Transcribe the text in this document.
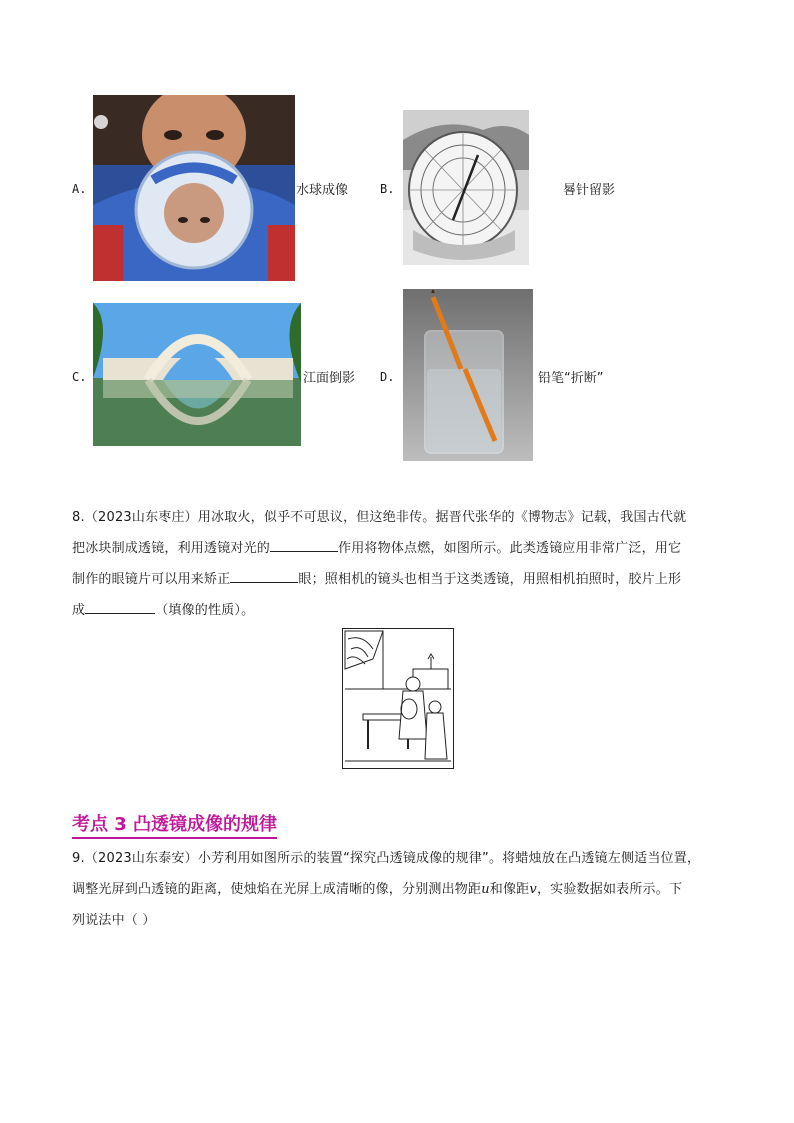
A.	水球成像	B.	晷针留影
C.	江面倒影 D.	铅笔“折断”
8.（2023山东枣庄）用冰取火，似乎不可思议，但这绝非传。据晋代张华的《博物志》记载，我国古代就
把冰块制成透镜，利用透镜对光的	作用将物体点燃，如图所示。此类透镜应用非常广泛，用它
制作的眼镜片可以用来矫正	眼；照相机的镜头也相当于这类透镜，用照相机拍照时，胶片上形
成	（填像的性质）。
考点 3 凸透镜成像的规律
9.（2023山东泰安）小芳利用如图所示的装置“探究凸透镜成像的规律”。将蜡烛放在凸透镜左侧适当位置，
调整光屏到凸透镜的距离，使烛焰在光屏上成清晰的像，分别测出物距u和像距v，实验数据如表所示。下
列说法中（ ）
